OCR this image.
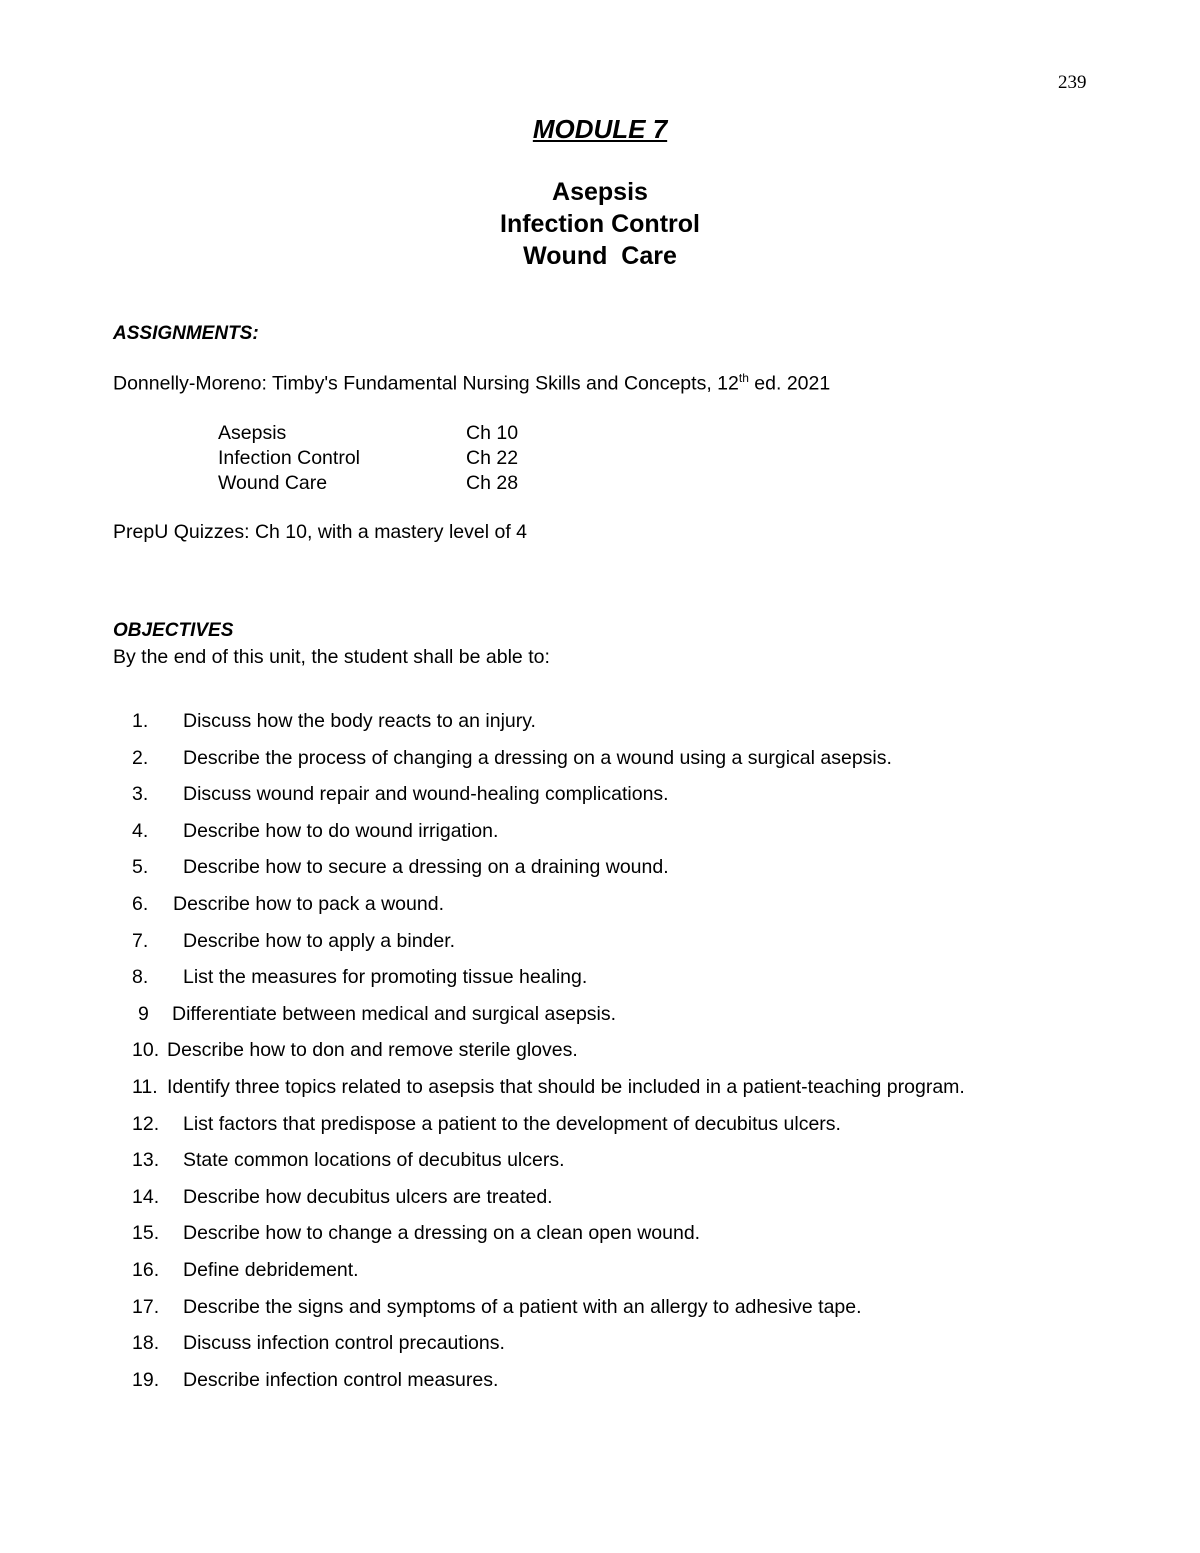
239
MODULE 7
Asepsis
Infection Control
Wound  Care
ASSIGNMENTS:
Donnelly-Moreno: Timby's Fundamental Nursing Skills and Concepts, 12th ed. 2021
Asepsis	Ch 10
Infection Control	Ch 22
Wound Care	Ch 28
PrepU Quizzes: Ch 10, with a mastery level of 4
OBJECTIVES
By the end of this unit, the student shall be able to:
1.	Discuss how the body reacts to an injury.
2.	Describe the process of changing a dressing on a wound using a surgical asepsis.
3.	Discuss wound repair and wound-healing complications.
4.	Describe how to do wound irrigation.
5.	Describe how to secure a dressing on a draining wound.
6.	Describe how to pack a wound.
7.	Describe how to apply a binder.
8.	List the measures for promoting tissue healing.
9	Differentiate between medical and surgical asepsis.
10. Describe how to don and remove sterile gloves.
11. Identify three topics related to asepsis that should be included in a patient-teaching program.
12.	List factors that predispose a patient to the development of decubitus ulcers.
13.	State common locations of decubitus ulcers.
14.	Describe how decubitus ulcers are treated.
15.	Describe how to change a dressing on a clean open wound.
16.	Define debridement.
17.	Describe the signs and symptoms of a patient with an allergy to adhesive tape.
18.	Discuss infection control precautions.
19.	Describe infection control measures.
